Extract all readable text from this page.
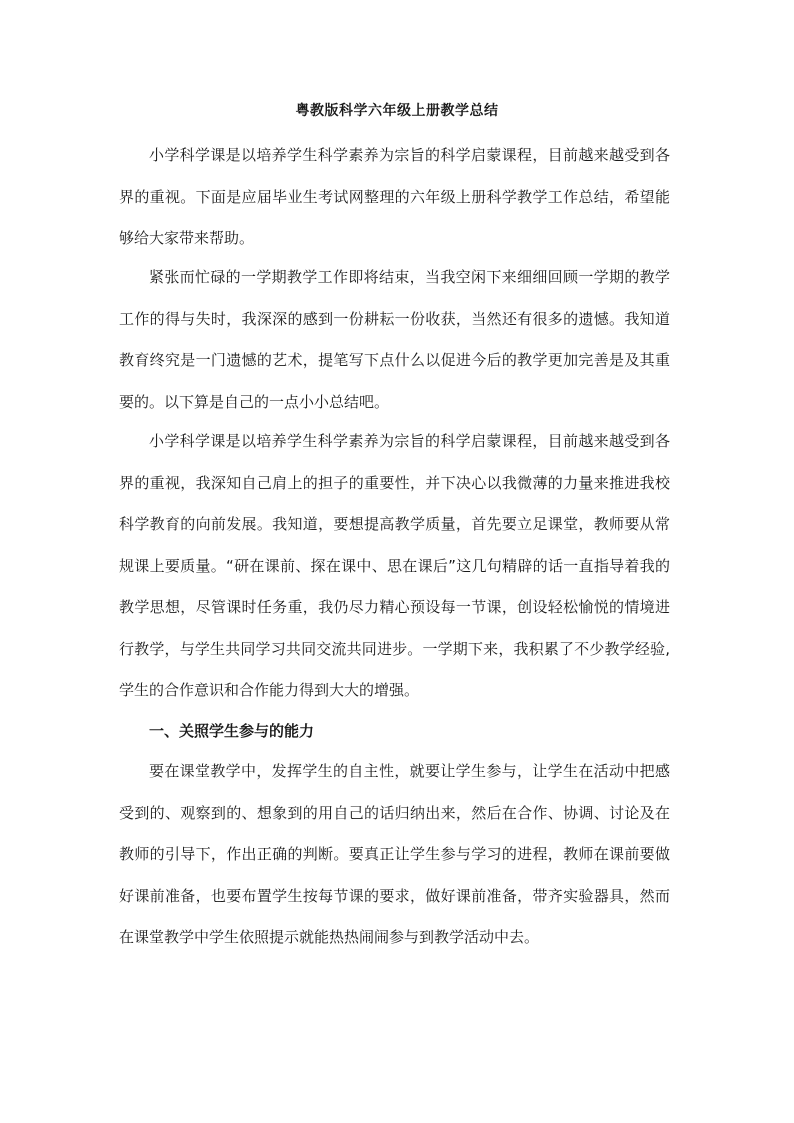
粤教版科学六年级上册教学总结

小学科学课是以培养学生科学素养为宗旨的科学启蒙课程，目前越来越受到各界的重视。下面是应届毕业生考试网整理的六年级上册科学教学工作总结，希望能够给大家带来帮助。

紧张而忙碌的一学期教学工作即将结束，当我空闲下来细细回顾一学期的教学工作的得与失时，我深深的感到一份耕耘一份收获，当然还有很多的遗憾。我知道教育终究是一门遗憾的艺术，提笔写下点什么以促进今后的教学更加完善是及其重要的。以下算是自己的一点小小总结吧。

小学科学课是以培养学生科学素养为宗旨的科学启蒙课程，目前越来越受到各界的重视，我深知自己肩上的担子的重要性，并下决心以我微薄的力量来推进我校科学教育的向前发展。我知道，要想提高教学质量，首先要立足课堂，教师要从常规课上要质量。“研在课前、探在课中、思在课后”这几句精辟的话一直指导着我的教学思想，尽管课时任务重，我仍尽力精心预设每一节课，创设轻松愉悦的情境进行教学，与学生共同学习共同交流共同进步。一学期下来，我积累了不少教学经验,学生的合作意识和合作能力得到大大的增强。

一、关照学生参与的能力

要在课堂教学中，发挥学生的自主性，就要让学生参与，让学生在活动中把感受到的、观察到的、想象到的用自己的话归纳出来，然后在合作、协调、讨论及在教师的引导下，作出正确的判断。要真正让学生参与学习的进程，教师在课前要做好课前准备，也要布置学生按每节课的要求，做好课前准备，带齐实验器具，然而在课堂教学中学生依照提示就能热热闹闹参与到教学活动中去。
